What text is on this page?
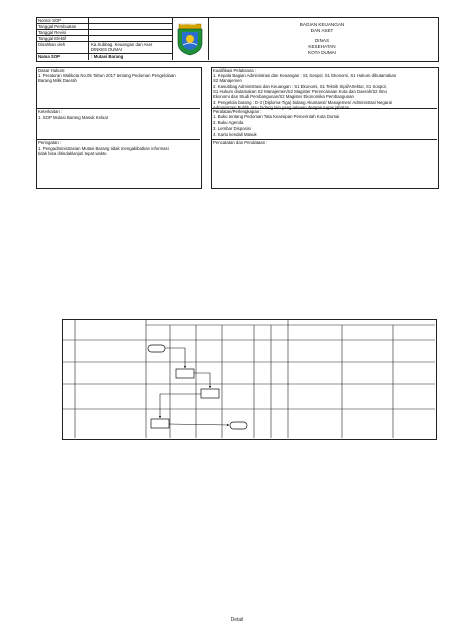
Nomor SOP
Tanggal Pembuatan
Tanggal Revisi
Tanggal Efektif
Disahkan oleh	Ka.Subbag. Keuangan dan Aset DINKES DUMAI
Nama SOP	: Mutasi Barang
KOTA DUMAI	BAGIAN KEUANGAN
DAN ASET
DINAS
KESEHATAN
KOTA DUMAI
Dasar Hukum:
1. Peraturan Walikota No.05 Tahun 2017 tentang Pedoman Pengelolaan
Barang Milik Daerah
Kualifikasi Pelaksana :
1. Kepala Bagian Administrasi dan Keuangan : S1 Sospol, S1 Ekonomi, S1 Hukum dibutamakan
S2 Manajemen
2. Kasubbag Administrasi dan Keuangan : S1 Ekonomi, S1 Teknik Sipil/Artektur, S1 Sospol,
S1 Hukum diutamakan S2 Manajemen/S2 Magister Perencanaan Kota dan Daerah/S2 Ilmu
Ekonomi dan Studi Pembangunan/S2 Magister Ekonomika Pembangunan
3. Pengelola barang : D-3 (Diploma-Tiga) bidang Akuntansi/ Manajemen/ Administrasi Negara/
Administrasi Publik atau bidang lain yang relevan dengan tugas jabatan
Keterkaitan :
1. SOP Mutasi Barang Masuk Keluar
Peralatan/Perlengkapan :
1. Buku tentang Pedoman Tata Kearsipan Pemerintah Kota Dumai
2. Buku Agenda
3. Lembar Disposisi
4. Kartu kendali Masuk
Peringatan :
1. Pengadministrasian Mutasi Barang tidak mengakibatkan informasi
tidak bisa ditindaklanjuti tepat waktu
Pencatatan dan Pendataan :
Detail
